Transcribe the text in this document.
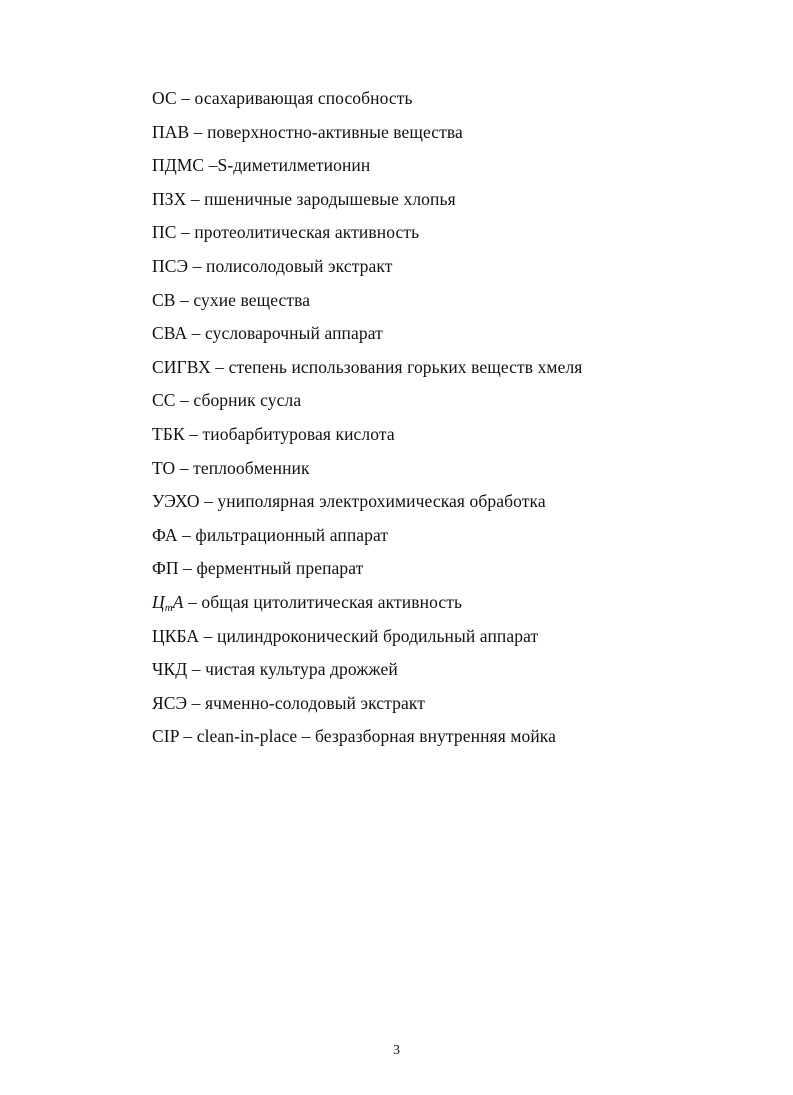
ОС – осахаривающая способность
ПАВ – поверхностно-активные вещества
ПДМС –S-диметилметионин
ПЗХ – пшеничные зародышевые хлопья
ПС – протеолитическая активность
ПСЭ – полисолодовый экстракт
СВ – сухие вещества
СВА – сусловарочный аппарат
СИГВХ – степень использования горьких веществ хмеля
СС – сборник сусла
ТБК – тиобарбитуровая кислота
ТО – теплообменник
УЭХО – униполярная электрохимическая обработка
ФА – фильтрационный аппарат
ФП – ферментный препарат
$Ц_тА$ – общая цитолитическая активность
ЦКБА – цилиндроконический бродильный аппарат
ЧКД – чистая культура дрожжей
ЯСЭ – ячменно-солодовый экстракт
CIP – clean-in-place – безразборная внутренняя мойка
3
